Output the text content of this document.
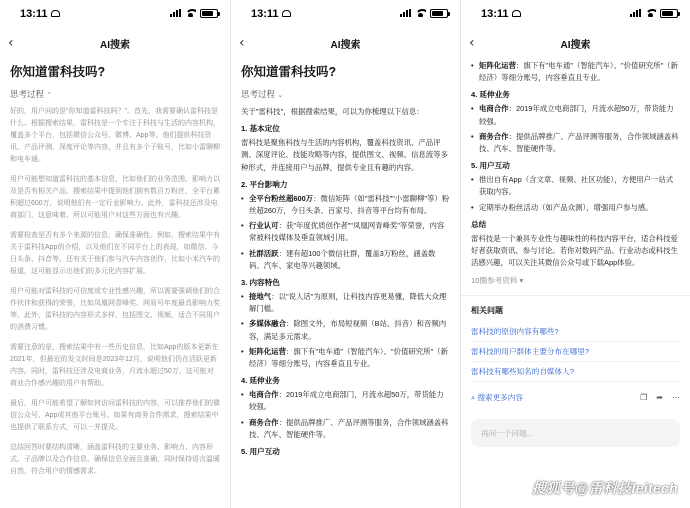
13:11
‹	AI搜索
你知道雷科技吗?
思考过程 ⌃

好的，用户问的是"你知道雷科技吗？"。首先，我需要确认雷科技是什么。根据搜索结果，雷科技是一个专注于科技与生活的内容机构，覆盖多个平台，包括微信公众号、微博、App等。他们提供科技资讯、产品评测、深度评论等内容，并且有多个子账号，比如小雷聊柳和电车通。

用户可能想知道雷科技的基本信息，比如他们的业务范围、影响力以及是否有相关产品。搜索结果中提到他们拥有数百万粉丝，全平台累积超过600万，说明他们有一定行业影响力。此外，雷科技还涉及电商部门，这意味着，所以可能用户对这些方面也有兴趣。

需要检查是否有多个来源的信息，确保准确性。例如，搜索结果中有关于雷科技App的介绍，以及他们在不同平台上的表现，如微信、今日头条、抖音等。还有关于他们参与汽车内容创作，比如小米汽车的报道，这可能显示出他们的多元化内容扩展。

用户可能对雷科技的可信度或专业性感兴趣，所以需要强调他们的合作伙伴和获得的荣誉，比如凤凰网青峰奖、网易号年度最具影响力奖等。此外，雷科技的内容形式多样，包括图文、视频，适合不同用户的消费习惯。

需要注意的是，搜索结果中有一些历史信息，比如App的版本更新在2021年，但最近的发文时间是2023年12月，说明他们仍在活跃更新内容。同时，雷科技还涉及电商业务，月流水超过50万，这可能对商业合作感兴趣的用户有帮助。

最后，用户可能希望了解如何访问雷科技的内容，可以推荐他们的微信公众号、App或其他平台账号。如果有商务合作需求，搜索结果中也提供了联系方式，可以一并提及。

总结回答时要结构清晰，涵盖雷科技的主要业务、影响力、内容形式、子品牌以及合作信息，确保信息全面且准确，同时保持语言温暖自然，符合用户的情感需求。

13:11
‹	AI搜索
你知道雷科技吗?
思考过程 ⌄

关于"雷科技"，根据搜索结果，可以为你梳理以下信息：

1. 基本定位

雷科技是聚焦科技与生活的内容机构，覆盖科技资讯、产品评测、深度评论、技能攻略等内容，提供图文、视频、信息流等多种形式，并连接用户与品牌，提供专业且有趣的内容。

2. 平台影响力
• 全平台粉丝超600万：微信矩阵（如"雷科技""小雷聊柳"等）粉丝超260万，今日头条、百家号、抖音等平台均有布局。
• 行业认可：获"年度优质创作者""凤凰网青峰奖"等荣誉，内容常被科技媒体及垂直领域引用。
• 社群活跃：建有超100个微信社群，覆盖3万粉丝，涵盖数码、汽车、家电等兴趣领域。
3. 内容特色
• 接地气：以"说人话"为原则，让科技内容更易懂，降低大众理解门槛。
• 多媒体融合：除图文外，布局短视频（B站、抖音）和音频内容，满足多元需求。
• 矩阵化运营：旗下有"电车通"（智能汽车）、"价值研究所"（新经济）等细分账号，内容垂直且专业。
4. 延伸业务
• 电商合作：2019年成立电商部门，月流水超50万，带货能力较强。
• 商务合作：提供品牌推广、产品评测等服务，合作领域涵盖科技、汽车、智能硬件等。
5. 用户互动
13:11
‹	AI搜索
• 矩阵化运营：旗下有"电车通"（智能汽车）、"价值研究所"（新经济）等细分账号，内容垂直且专业。
4. 延伸业务
• 电商合作：2019年成立电商部门，月流水超50万，带货能力较强。
• 商务合作：提供品牌推广、产品评测等服务，合作领域涵盖科技、汽车、智能硬件等。
5. 用户互动
• 推出自有App（含文章、视频、社区功能），方便用户一站式获取内容。
• 定期举办粉丝活动（如产品众测），增强用户参与感。
总结

雷科技是一个兼具专业性与趣味性的科技内容平台，适合科技爱好者获取资讯、参与讨论。若你对数码产品、行业动态或科技生活感兴趣，可以关注其微信公众号或下载App体验。

10圈参考资料 ▾
相关问题
雷科技的原创内容有哪些?
雷科技的用户群体主要分布在哪里?
雷科技有哪些知名的自媒体人?
⌕ 搜索更多内容	❐ ➦ ⋯
再问一个问题...
搜狐号@雷科技leitech
